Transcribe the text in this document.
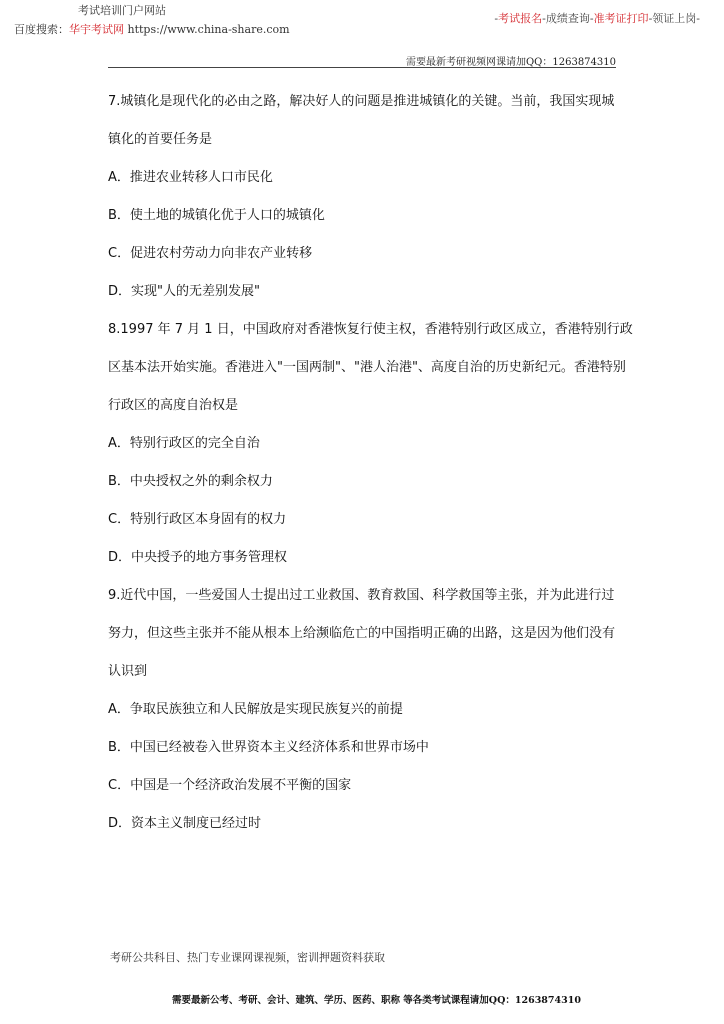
考试培训门户网站
百度搜索：华宇考试网 https://www.china-share.com
-考试报名-成绩查询-准考证打印-领证上岗-
需要最新考研视频网课请加QQ：1263874310
7.城镇化是现代化的必由之路，解决好人的问题是推进城镇化的关键。当前，我国实现城
镇化的首要任务是
A．推进农业转移人口市民化
B．使土地的城镇化优于人口的城镇化
C．促进农村劳动力向非农产业转移
D．实现"人的无差别发展"
8.1997 年 7 月 1 日，中国政府对香港恢复行使主权，香港特别行政区成立，香港特别行政
区基本法开始实施。香港进入"一国两制"、"港人治港"、高度自治的历史新纪元。香港特别
行政区的高度自治权是
A．特别行政区的完全自治
B．中央授权之外的剩余权力
C．特别行政区本身固有的权力
D．中央授予的地方事务管理权
9.近代中国，一些爱国人士提出过工业救国、教育救国、科学救国等主张，并为此进行过
努力，但这些主张并不能从根本上给濒临危亡的中国指明正确的出路，这是因为他们没有
认识到
A．争取民族独立和人民解放是实现民族复兴的前提
B．中国已经被卷入世界资本主义经济体系和世界市场中
C．中国是一个经济政治发展不平衡的国家
D．资本主义制度已经过时
考研公共科目、热门专业课网课视频，密训押题资料获取
需要最新公考、考研、会计、建筑、学历、医药、职称 等各类考试课程请加QQ：1263874310
